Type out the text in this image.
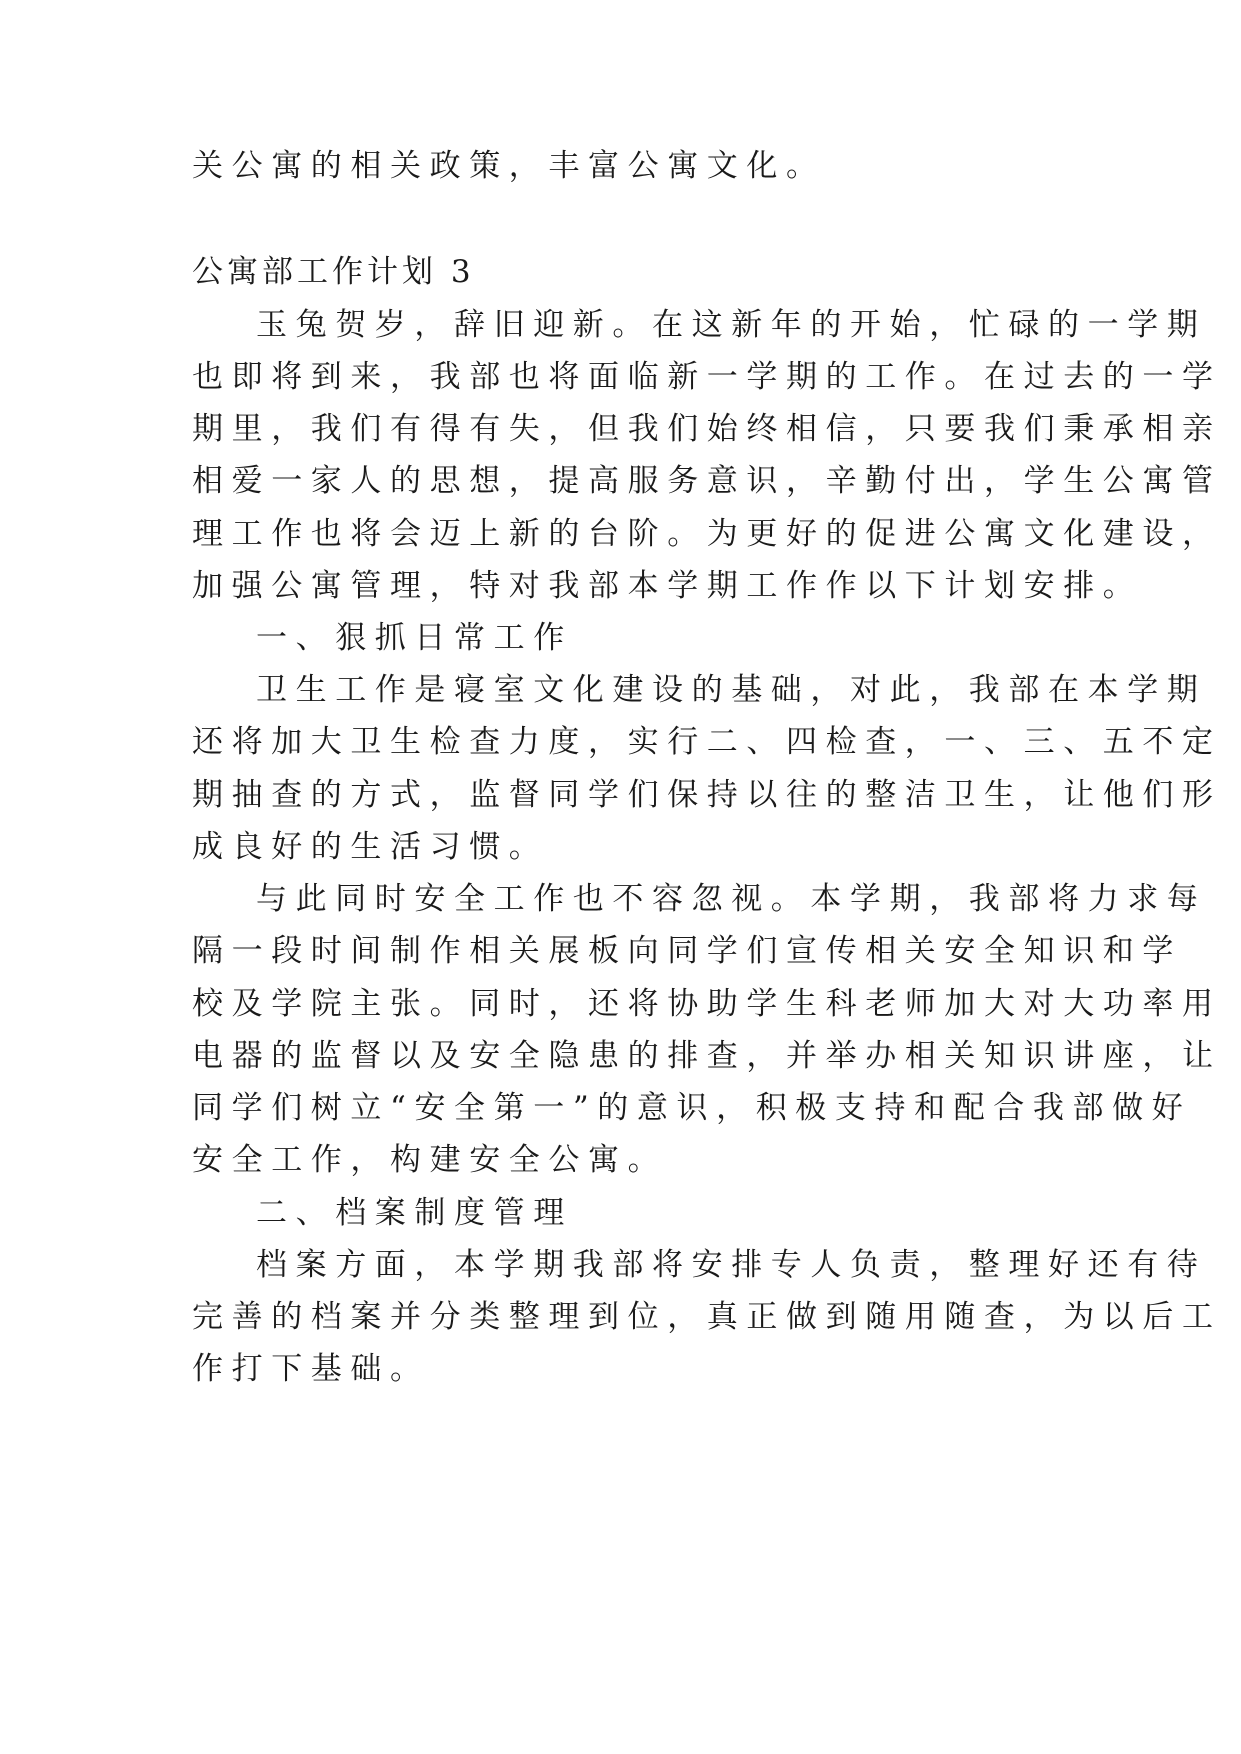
关公寓的相关政策，丰富公寓文化。

公寓部工作计划 3

玉兔贺岁，辞旧迎新。在这新年的开始，忙碌的一学期

也即将到来，我部也将面临新一学期的工作。在过去的一学

期里，我们有得有失，但我们始终相信，只要我们秉承相亲

相爱一家人的思想，提高服务意识，辛勤付出，学生公寓管

理工作也将会迈上新的台阶。为更好的促进公寓文化建设，

加强公寓管理，特对我部本学期工作作以下计划安排。

一、狠抓日常工作

卫生工作是寝室文化建设的基础，对此，我部在本学期

还将加大卫生检查力度，实行二、四检查，一、三、五不定

期抽查的方式，监督同学们保持以往的整洁卫生，让他们形

成良好的生活习惯。

与此同时安全工作也不容忽视。本学期，我部将力求每

隔一段时间制作相关展板向同学们宣传相关安全知识和学

校及学院主张。同时，还将协助学生科老师加大对大功率用

电器的监督以及安全隐患的排查，并举办相关知识讲座，让

同学们树立“安全第一”的意识，积极支持和配合我部做好

安全工作，构建安全公寓。

二、档案制度管理

档案方面，本学期我部将安排专人负责，整理好还有待

完善的档案并分类整理到位，真正做到随用随查，为以后工

作打下基础。
